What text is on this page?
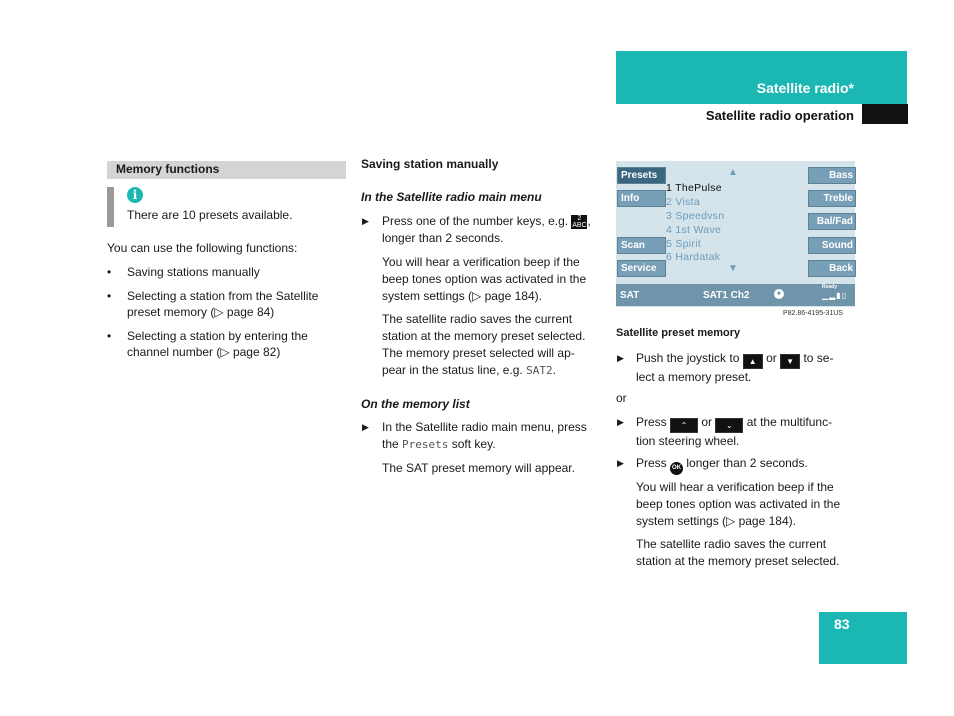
Satellite radio*
Satellite radio operation
Memory functions
i
There are 10 presets available.
You can use the following functions:
• Saving stations manually
• Selecting a station from the Satellite
preset memory (▷ page 84)
• Selecting a station by entering the
channel number (▷ page 82)
Saving station manually
In the Satellite radio main menu
▶ Press one of the number keys, e.g. 2
ABC,
longer than 2 seconds.
You will hear a verification beep if the
beep tones option was activated in the
system settings (▷ page 184).
The satellite radio saves the current
station at the memory preset selected.
The memory preset selected will ap-
pear in the status line, e.g. SAT2.
On the memory list
▶ In the Satellite radio main menu, press
the Presets soft key.
The SAT preset memory will appear.
Presets
Info
Scan
Service
Bass
Treble
Bal/Fad
Sound
Back
▲
1 ThePulse
2 Vista
3 Speedvsn
4 1st Wave
5 Spirit
6 Hardatak
▼
SAT	SAT1 Ch2	✦
Ready
▁▂▮▯
P82.86-4195-31US
Satellite preset memory
▶ Push the joystick to ▲ or ▼ to se-
lect a memory preset.
or
▶ Press ⌃ or ⌄ at the multifunc-
tion steering wheel.
▶ Press OK longer than 2 seconds.
You will hear a verification beep if the
beep tones option was activated in the
system settings (▷ page 184).
The satellite radio saves the current
station at the memory preset selected.
83
